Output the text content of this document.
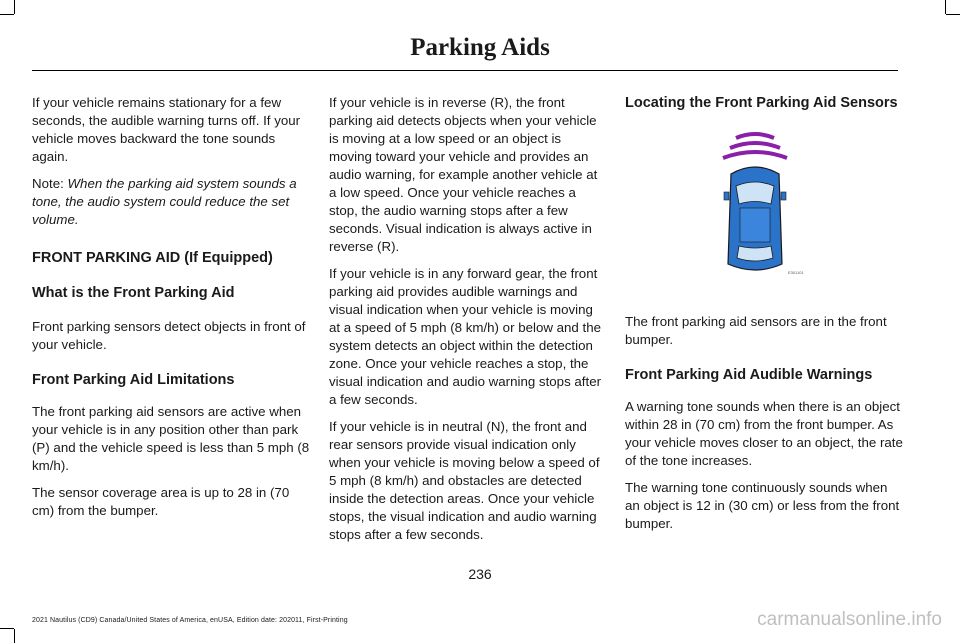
Parking Aids

If your vehicle remains stationary for a few seconds, the audible warning turns off. If your vehicle moves backward the tone sounds again.

Note: When the parking aid system sounds a tone, the audio system could reduce the set volume.

FRONT PARKING AID (If Equipped)
What is the Front Parking Aid

Front parking sensors detect objects in front of your vehicle.

Front Parking Aid Limitations

The front parking aid sensors are active when your vehicle is in any position other than park (P) and the vehicle speed is less than 5 mph (8 km/h).

The sensor coverage area is up to 28 in (70 cm) from the bumper.

If your vehicle is in reverse (R), the front parking aid detects objects when your vehicle is moving at a low speed or an object is moving toward your vehicle and provides an audio warning, for example another vehicle at a low speed. Once your vehicle reaches a stop, the audio warning stops after a few seconds. Visual indication is always active in reverse (R).

If your vehicle is in any forward gear, the front parking aid provides audible warnings and visual indication when your vehicle is moving at a speed of 5 mph (8 km/h) or below and the system detects an object within the detection zone. Once your vehicle reaches a stop, the visual indication and audio warning stops after a few seconds.

If your vehicle is in neutral (N), the front and rear sensors provide visual indication only when your vehicle is moving below a speed of 5 mph (8 km/h) and obstacles are detected inside the detection areas. Once your vehicle stops, the visual indication and audio warning stops after a few seconds.

Locating the Front Parking Aid Sensors
E301101

The front parking aid sensors are in the front bumper.

Front Parking Aid Audible Warnings

A warning tone sounds when there is an object within 28 in (70 cm) from the front bumper. As your vehicle moves closer to an object, the rate of the tone increases.

The warning tone continuously sounds when an object is 12 in (30 cm) or less from the front bumper.

236
2021 Nautilus (CD9) Canada/United States of America, enUSA, Edition date: 202011, First-Printing	carmanualsonline.info
